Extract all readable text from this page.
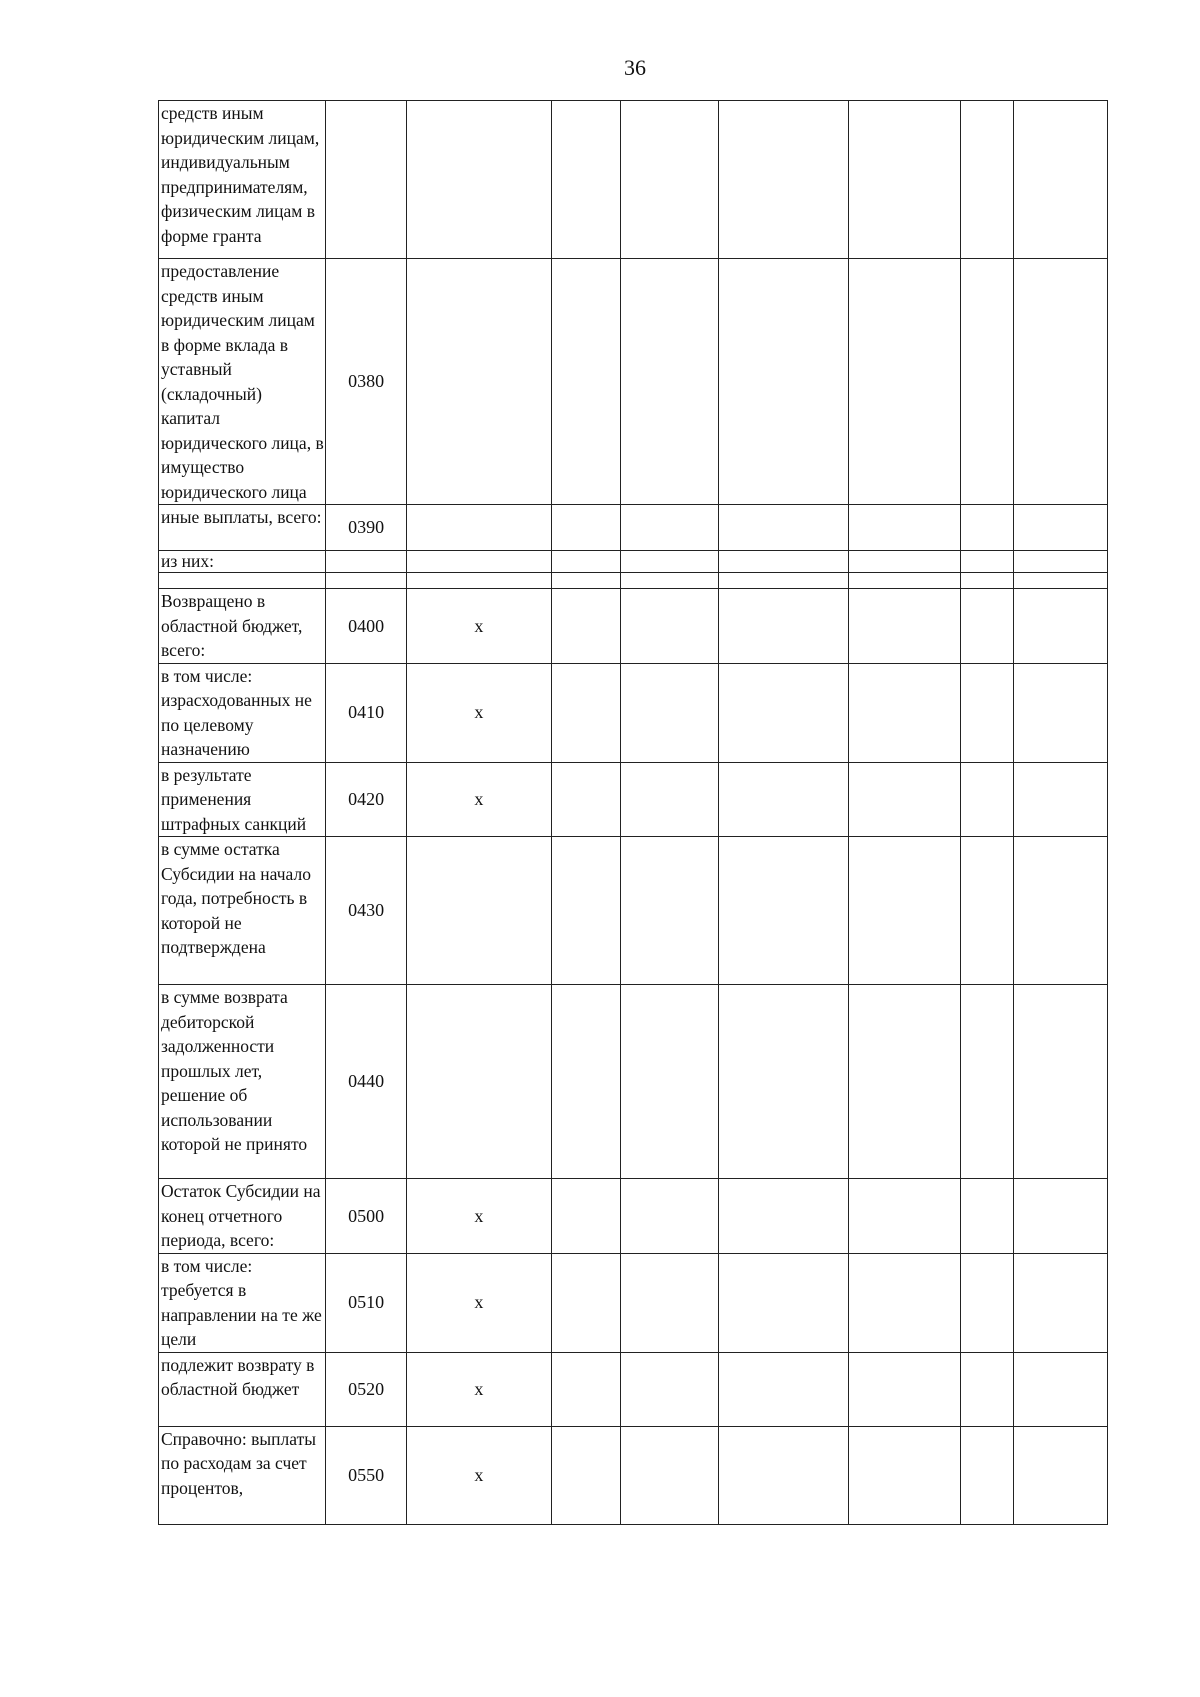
36
средств иным юридическим лицам, индивидуальным предпринимателям, физическим лицам в форме гранта								
предоставление средств иным юридическим лицам в форме вклада в уставный (складочный) капитал юридического лица, в имущество юридического лица	0380							
иные выплаты, всего:	0390							
из них:								

Возвращено в областной бюджет, всего:	0400	x						
в том числе: израсходованных не по целевому назначению	0410	x						
в результате применения штрафных санкций	0420	x						
в сумме остатка Субсидии на начало года, потребность в которой не подтверждена	0430							
в сумме возврата дебиторской задолженности прошлых лет, решение об использовании которой не принято	0440							
Остаток Субсидии на конец отчетного периода, всего:	0500	x						
в том числе: требуется в направлении на те же цели	0510	x						
подлежит возврату в областной бюджет	0520	x						
Справочно: выплаты по расходам за счет процентов,	0550	x						
